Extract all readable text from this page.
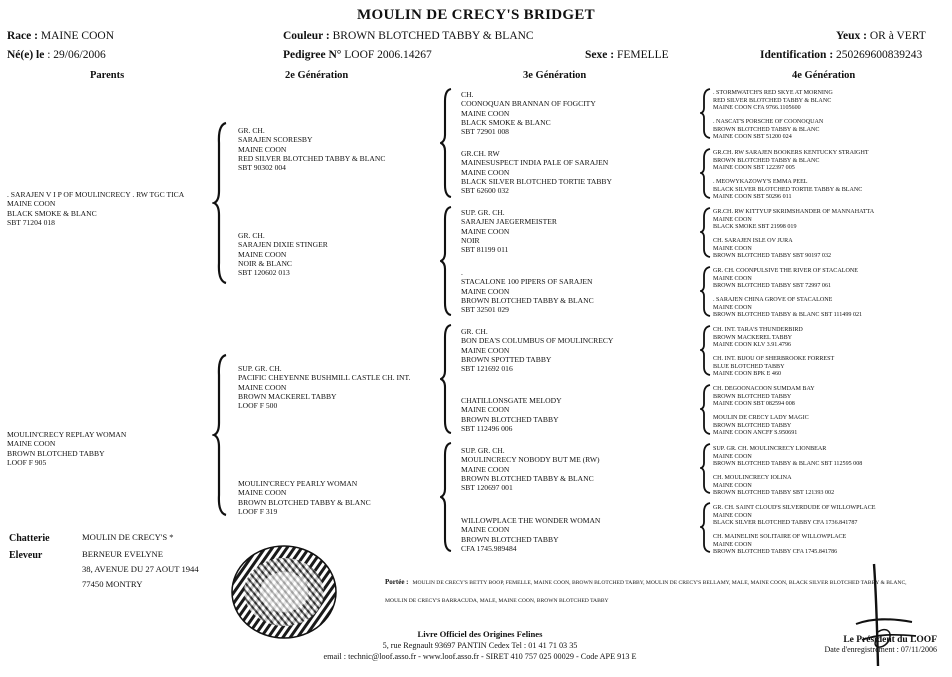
MOULIN DE CRECY'S BRIDGET
Race : MAINE COON	Couleur : BROWN BLOTCHED TABBY & BLANC	Yeux : OR à VERT
Né(e) le : 29/06/2006	Pedigree N° LOOF 2006.14267	Sexe : FEMELLE	Identification : 250269600839243
Parents	2e Génération	3e Génération	4e Génération
. SARAJEN V I P OF MOULINCRECY . RW TGC TICA
MAINE COON
BLACK SMOKE & BLANC
SBT 71204 018
MOULIN'CRECY REPLAY WOMAN
MAINE COON
BROWN BLOTCHED TABBY
LOOF F 905
GR. CH.
SARAJEN SCORESBY
MAINE COON
RED SILVER BLOTCHED TABBY & BLANC
SBT 90302 004
GR. CH.
SARAJEN DIXIE STINGER
MAINE COON
NOIR & BLANC
SBT 120602 013
SUP. GR. CH.
PACIFIC CHEYENNE BUSHMILL CASTLE CH. INT.
MAINE COON
BROWN MACKEREL TABBY
LOOF F 500
MOULIN'CRECY PEARLY WOMAN
MAINE COON
BROWN BLOTCHED TABBY & BLANC
LOOF F 319
CH.
COONOQUAN BRANNAN OF FOGCITY
MAINE COON
BLACK SMOKE & BLANC
SBT 72901 008
GR.CH. RW
MAINESUSPECT INDIA PALE OF SARAJEN
MAINE COON
BLACK SILVER BLOTCHED TORTIE TABBY
SBT 62600 032
SUP. GR. CH.
SARAJEN JAEGERMEISTER
MAINE COON
NOIR
SBT 81199 011
.
STACALONE 100 PIPERS OF SARAJEN
MAINE COON
BROWN BLOTCHED TABBY & BLANC
SBT 32501 029
GR. CH.
BON DEA'S COLUMBUS OF MOULINCRECY
MAINE COON
BROWN SPOTTED TABBY
SBT 121692 016
CHATILLONSGATE MELODY
MAINE COON
BROWN BLOTCHED TABBY
SBT 112496 006
SUP. GR. CH.
MOULINCRECY NOBODY BUT ME (RW)
MAINE COON
BROWN BLOTCHED TABBY & BLANC
SBT 120697 001
WILLOWPLACE THE WONDER WOMAN
MAINE COON
BROWN BLOTCHED TABBY
CFA 1745.989484
. STORMWATCH'S RED SKYE AT MORNING
RED SILVER BLOTCHED TABBY & BLANC
MAINE COON CFA 9766.1105600
. NASCAT'S PORSCHE OF COONOQUAN
BROWN BLOTCHED TABBY & BLANC
MAINE COON SBT 51200 024
GR.CH. RW SARAJEN BOOKERS KENTUCKY STRAIGHT
BROWN BLOTCHED TABBY & BLANC
MAINE COON SBT 122397 005
. MEOWYKAZOWY'S EMMA PEEL
BLACK SILVER BLOTCHED TORTIE TABBY & BLANC
MAINE COON SBT 50296 011
GR.CH. RW KITTYUP SKRIMSHANDER OF MANNAHATTA
MAINE COON
BLACK SMOKE SBT 21998 019
CH. SARAJEN ISLE OV JURA
MAINE COON
BROWN BLOTCHED TABBY SBT 90197 032
GR. CH. COONPULSIVE THE RIVER OF STACALONE
MAINE COON
BROWN BLOTCHED TABBY SBT 72997 061
. SARAJEN CHINA GROVE OF STACALONE
MAINE COON
BROWN BLOTCHED TABBY & BLANC SBT 111499 021
CH. INT. TARA'S THUNDERBIRD
BROWN MACKEREL TABBY
MAINE COON KLV 3.91.4796
CH. INT. BIJOU OF SHERBROOKE FORREST
BLUE BLOTCHED TABBY
MAINE COON BPK E 460
CH. DEGOONACOON SUMDAM BAY
BROWN BLOTCHED TABBY
MAINE COON SBT 082594 008
MOULIN DE CRECY LADY MAGIC
BROWN BLOTCHED TABBY
MAINE COON ANCFF S.950691
SUP. GR. CH. MOULINCRECY LIONBEAR
MAINE COON
BROWN BLOTCHED TABBY & BLANC SBT 112595 008
CH. MOULINCRECY IOLINA
MAINE COON
BROWN BLOTCHED TABBY SBT 121393 002
GR. CH. SAINT CLOUD'S SILVERDUDE OF WILLOWPLACE
MAINE COON
BLACK SILVER BLOTCHED TABBY CFA 1736.841787
CH. MAINELINE SOLITAIRE OF WILLOWPLACE
MAINE COON
BROWN BLOTCHED TABBY CFA 1745.841786
Chatterie	MOULIN DE CRECY'S *
Eleveur	BERNEUR EVELYNE
38, AVENUE DU 27 AOUT 1944
77450 MONTRY	Portée : MOULIN DE CRECY'S BETTY BOOP, FEMELLE, MAINE COON, BROWN BLOTCHED TABBY, MOULIN DE CRECY'S BELLAMY, MALE, MAINE COON, BLACK SILVER BLOTCHED TABBY & BLANC, MOULIN DE CRECY'S BARRACUDA, MALE, MAINE COON, BROWN BLOTCHED TABBY
Livre Officiel des Origines Felines
5, rue Regnault 93697 PANTIN Cedex Tel : 01 41 71 03 35
email : technic@loof.asso.fr - www.loof.asso.fr - SIRET 410 757 025 00029 - Code APE 913 E
Le Président du LOOF
Date d'enregistrement : 07/11/2006
